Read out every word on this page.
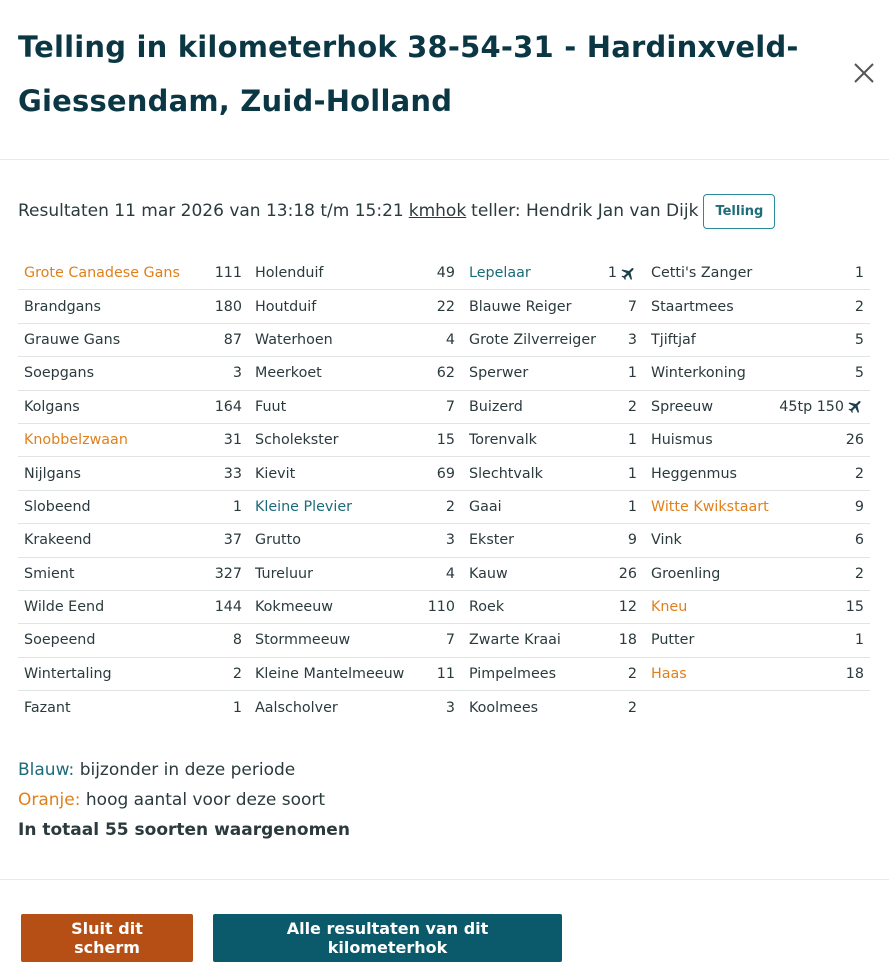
Telling in kilometerhok 38-54-31 - Hardinxveld-Giessendam, Zuid-Holland
Resultaten 11 mar 2026 van 13:18 t/m 15:21 kmhok teller: Hendrik Jan van Dijk	Telling
Grote Canadese Gans	111 Holenduif	49 Lepelaar	1 Cetti's Zanger	1
Brandgans	180 Houtduif	22 Blauwe Reiger	7 Staartmees	2
Grauwe Gans	87 Waterhoen	4 Grote Zilverreiger	3 Tjiftjaf	5
Soepgans	3 Meerkoet	62 Sperwer	1 Winterkoning	5
Kolgans	164 Fuut	7 Buizerd	2 Spreeuw	45tp 150
Knobbelzwaan	31 Scholekster	15 Torenvalk	1 Huismus	26
Nijlgans	33 Kievit	69 Slechtvalk	1 Heggenmus	2
Slobeend	1 Kleine Plevier	2 Gaai	1 Witte Kwikstaart	9
Krakeend	37 Grutto	3 Ekster	9 Vink	6
Smient	327 Tureluur	4 Kauw	26 Groenling	2
Wilde Eend	144 Kokmeeuw	110 Roek	12 Kneu	15
Soepeend	8 Stormmeeuw	7 Zwarte Kraai	18 Putter	1
Wintertaling	2 Kleine Mantelmeeuw	11 Pimpelmees	2 Haas	18
Fazant	1 Aalscholver	3 Koolmees	2
Blauw: bijzonder in deze periode
Oranje: hoog aantal voor deze soort
In totaal 55 soorten waargenomen
Sluit dit scherm
Alle resultaten van dit kilometerhok
